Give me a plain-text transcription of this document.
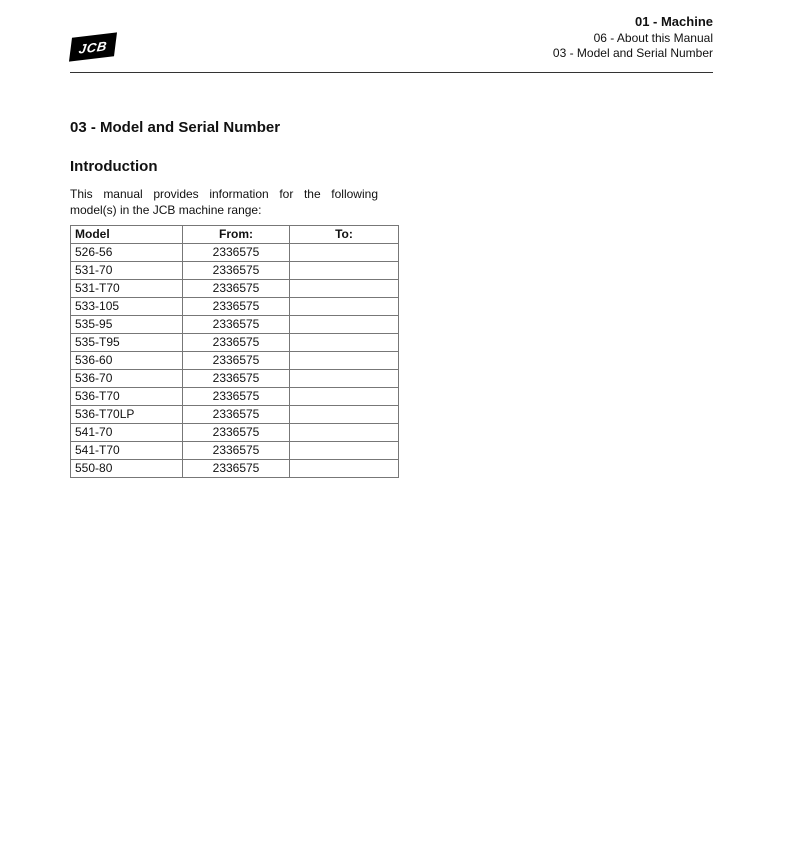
JCB
01 - Machine
06 - About this Manual
03 - Model and Serial Number
03 - Model and Serial Number
Introduction

This manual provides information for the following model(s) in the JCB machine range:

Model	From:	To:
526-56	2336575	
531-70	2336575	
531-T70	2336575	
533-105	2336575	
535-95	2336575	
535-T95	2336575	
536-60	2336575	
536-70	2336575	
536-T70	2336575	
536-T70LP	2336575	
541-70	2336575	
541-T70	2336575	
550-80	2336575	
